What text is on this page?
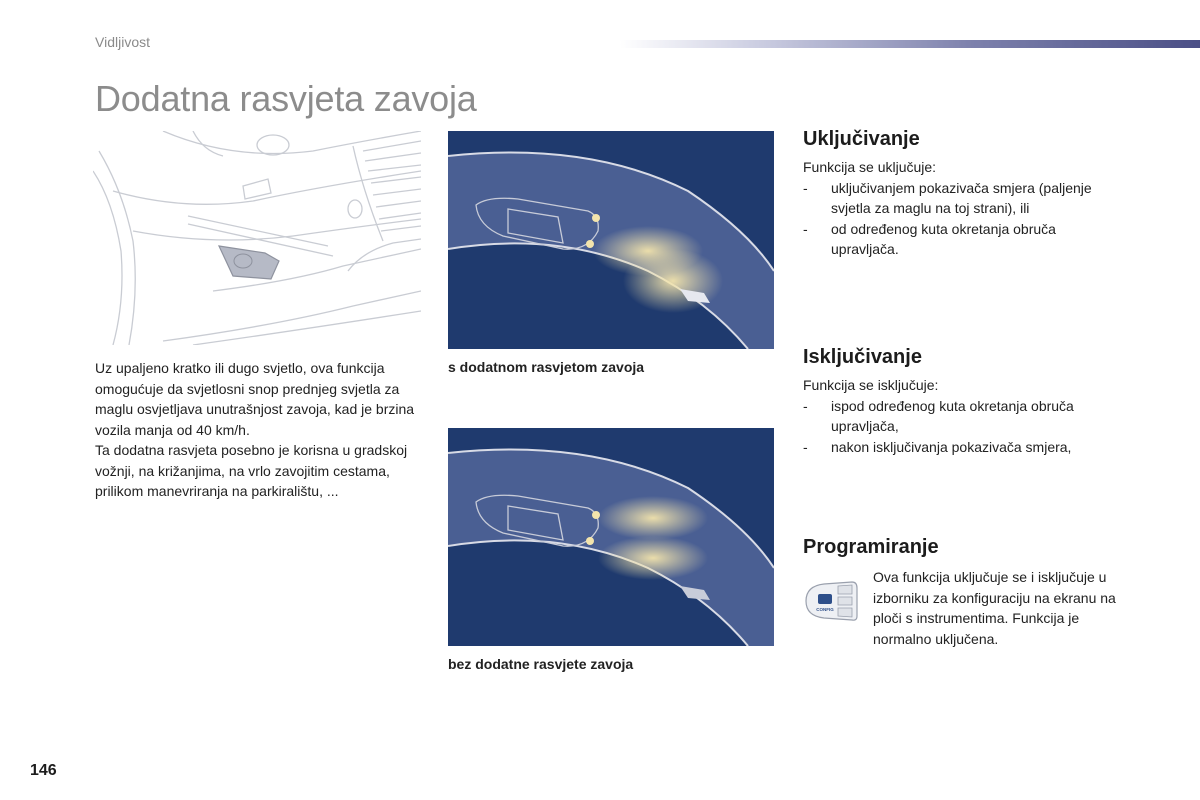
Vidljivost
Dodatna rasvjeta zavoja

Uz upaljeno kratko ili dugo svjetlo, ova funkcija omogućuje da svjetlosni snop prednjeg svjetla za maglu osvjetljava unutrašnjost zavoja, kad je brzina vozila manja od 40 km/h.

Ta dodatna rasvjeta posebno je korisna u gradskoj vožnji, na križanjima, na vrlo zavojitim cestama, prilikom manevriranja na parkiralištu, ...

s dodatnom rasvjetom zavoja
bez dodatne rasvjete zavoja
Uključivanje
Funkcija se uključuje:
- uključivanjem pokazivača smjera (paljenje svjetla za maglu na toj strani), ili
- od određenog kuta okretanja obruča upravljača.
Isključivanje
Funkcija se isključuje:
- ispod određenog kuta okretanja obruča upravljača,
- nakon isključivanja pokazivača smjera,
Programiranje
CONFIG
Ova funkcija uključuje se i isključuje u izborniku za konfiguraciju na ekranu na ploči s instrumentima. Funkcija je normalno uključena.
146
